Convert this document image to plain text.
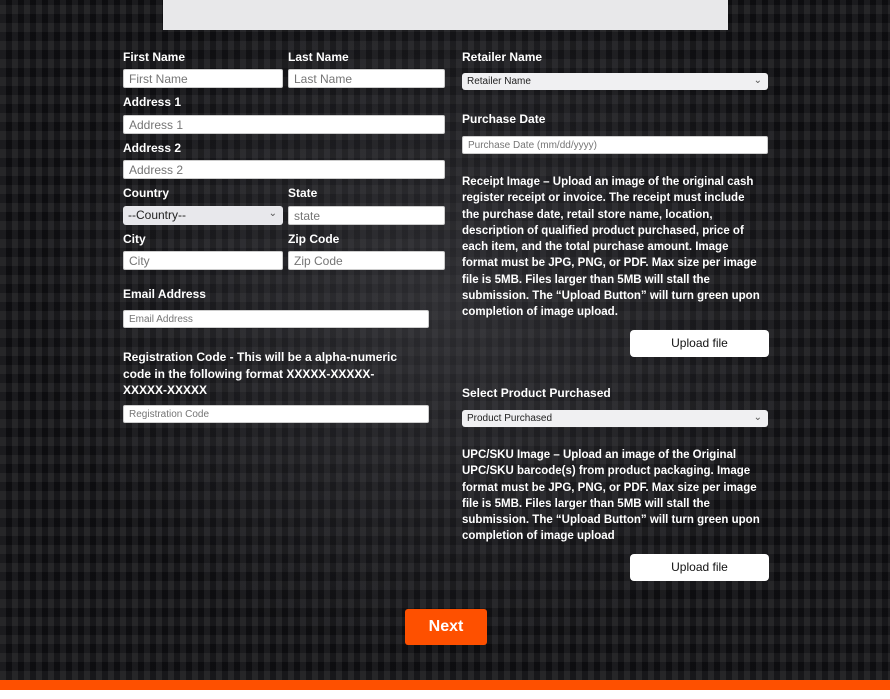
First Name	Last Name
First Name
Last Name
Address 1
Address 1
Address 2
Address 2
Country	State
--Country--	⌄
state
City	Zip Code
City
Zip Code
Email Address
Email Address
Registration Code - This will be a alpha-numeric code in the following format XXXXX-XXXXX-XXXXX-XXXXX
Registration Code
Retailer Name
Retailer Name	⌄
Purchase Date
Purchase Date (mm/dd/yyyy)
Receipt Image – Upload an image of the original cash register receipt or invoice. The receipt must include the purchase date, retail store name, location, description of qualified product purchased, price of each item, and the total purchase amount. Image format must be JPG, PNG, or PDF. Max size per image file is 5MB. Files larger than 5MB will stall the submission. The “Upload Button” will turn green upon completion of image upload.
Upload file
Select Product Purchased
Product Purchased	⌄
UPC/SKU Image – Upload an image of the Original UPC/SKU barcode(s) from product packaging. Image format must be JPG, PNG, or PDF. Max size per image file is 5MB. Files larger than 5MB will stall the submission. The “Upload Button” will turn green upon completion of image upload
Upload file
Next
